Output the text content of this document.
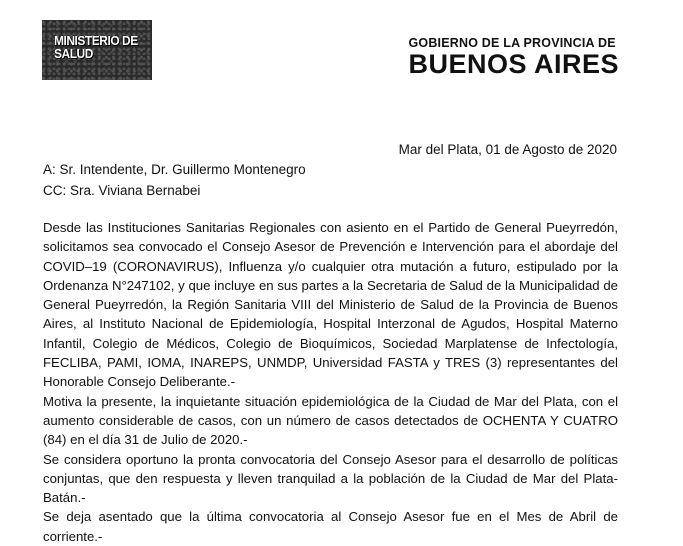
MINISTERIO DE
SALUD
GOBIERNO DE LA PROVINCIA DE
BUENOS AIRES
Mar del Plata, 01 de Agosto de 2020
A: Sr. Intendente, Dr. Guillermo Montenegro
CC: Sra. Viviana Bernabei

Desde las Instituciones Sanitarias Regionales con asiento en el Partido de General Pueyrredón, solicitamos sea convocado el Consejo Asesor de Prevención e Intervención para el abordaje del COVID–19 (CORONAVIRUS), Influenza y/o cualquier otra mutación a futuro, estipulado por la Ordenanza N°247102, y que incluye en sus partes a la Secretaria de Salud de la Municipalidad de General Pueyrredón, la Región Sanitaria VIII del Ministerio de Salud de la Provincia de Buenos Aires, al Instituto Nacional de Epidemiología, Hospital Interzonal de Agudos, Hospital Materno Infantil, Colegio de Médicos, Colegio de Bioquímicos, Sociedad Marplatense de Infectología, FECLIBA, PAMI, IOMA, INAREPS, UNMDP, Universidad FASTA y TRES (3) representantes del Honorable Consejo Deliberante.-

Motiva la presente, la inquietante situación epidemiológica de la Ciudad de Mar del Plata, con el aumento considerable de casos, con un número de casos detectados de OCHENTA Y CUATRO (84) en el día 31 de Julio de 2020.-

Se considera oportuno la pronta convocatoria del Consejo Asesor para el desarrollo de políticas conjuntas, que den respuesta y lleven tranquilad a la población de la Ciudad de Mar del Plata-Batán.-

Se deja asentado que la última convocatoria al Consejo Asesor fue en el Mes de Abril de corriente.-
